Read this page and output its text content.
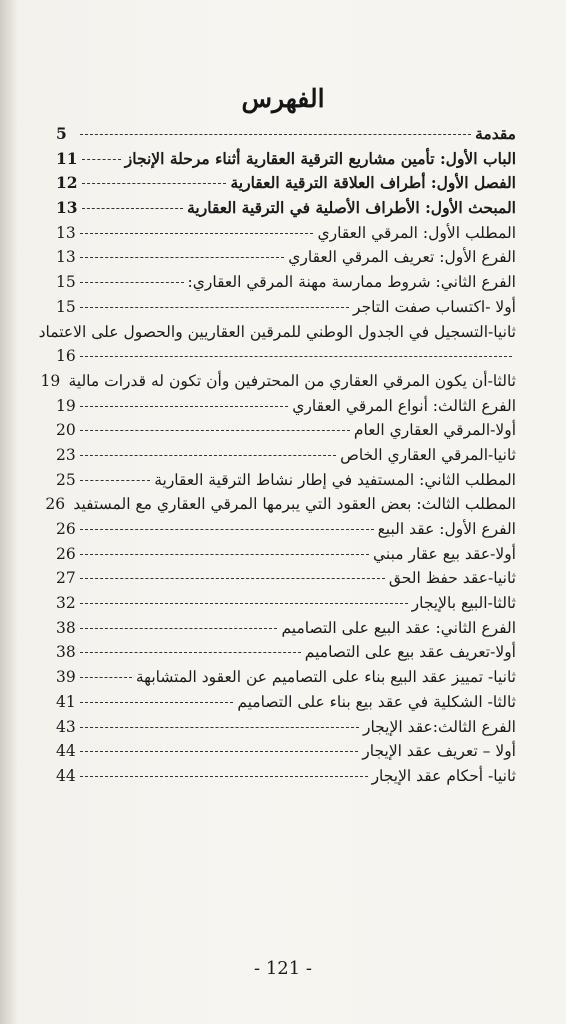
الفهرس
مقدمة
5
الباب الأول: تأمين مشاريع الترقية العقارية أثناء مرحلة الإنجاز
11
الفصل الأول: أطراف العلاقة الترقية العقارية
12
المبحث الأول: الأطراف الأصلية في الترقية العقارية
13
المطلب الأول: المرقي العقاري
13
الفرع الأول: تعريف المرقي العقاري
13
الفرع الثاني: شروط ممارسة مهنة المرقي العقاري:
15
أولا -اكتساب صفت التاجر
15
ثانيا-التسجيل في الجدول الوطني للمرقين العقاريين والحصول على الاعتماد
16
ثالثا-أن يكون المرقي العقاري من المحترفين وأن تكون له قدرات مالية
19
الفرع الثالث: أنواع المرقي العقاري
19
أولا-المرقي العقاري العام
20
ثانيا-المرقي العقاري الخاص
23
المطلب الثاني: المستفيد في إطار نشاط الترقية العقارية
25
المطلب الثالث: بعض العقود التي يبرمها المرقي العقاري مع المستفيد
26
الفرع الأول: عقد البيع
26
أولا-عقد بيع عقار مبني
26
ثانيا-عقد حفظ الحق
27
ثالثا-البيع بالإيجار
32
الفرع الثاني: عقد البيع على التصاميم
38
أولا-تعريف عقد بيع على التصاميم
38
ثانيا- تمييز عقد البيع بناء على التصاميم عن العقود المتشابهة
39
ثالثا- الشكلية في عقد بيع بناء على التصاميم
41
الفرع الثالث:عقد الإيجار
43
أولا – تعريف عقد الإيجار
44
ثانيا- أحكام عقد الإيجار
44
- 121 -
